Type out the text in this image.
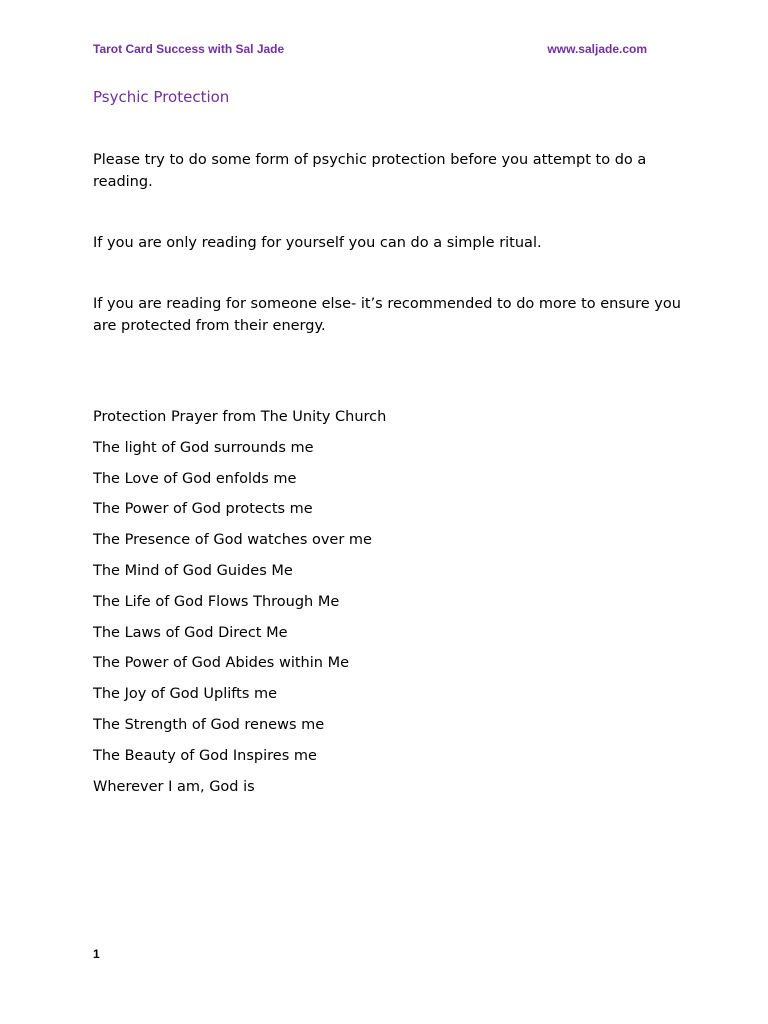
Tarot Card Success with Sal Jade	www.saljade.com
Psychic Protection

Please try to do some form of psychic protection before you attempt to do a reading.

If you are only reading for yourself you can do a simple ritual.

If you are reading for someone else- it’s recommended to do more to ensure you are protected from their energy.

Protection Prayer from The Unity Church
The light of God surrounds me
The Love of God enfolds me
The Power of God protects me
The Presence of God watches over me
The Mind of God Guides Me
The Life of God Flows Through Me
The Laws of God Direct Me
The Power of God Abides within Me
The Joy of God Uplifts me
The Strength of God renews me
The Beauty of God Inspires me
Wherever I am, God is
1
